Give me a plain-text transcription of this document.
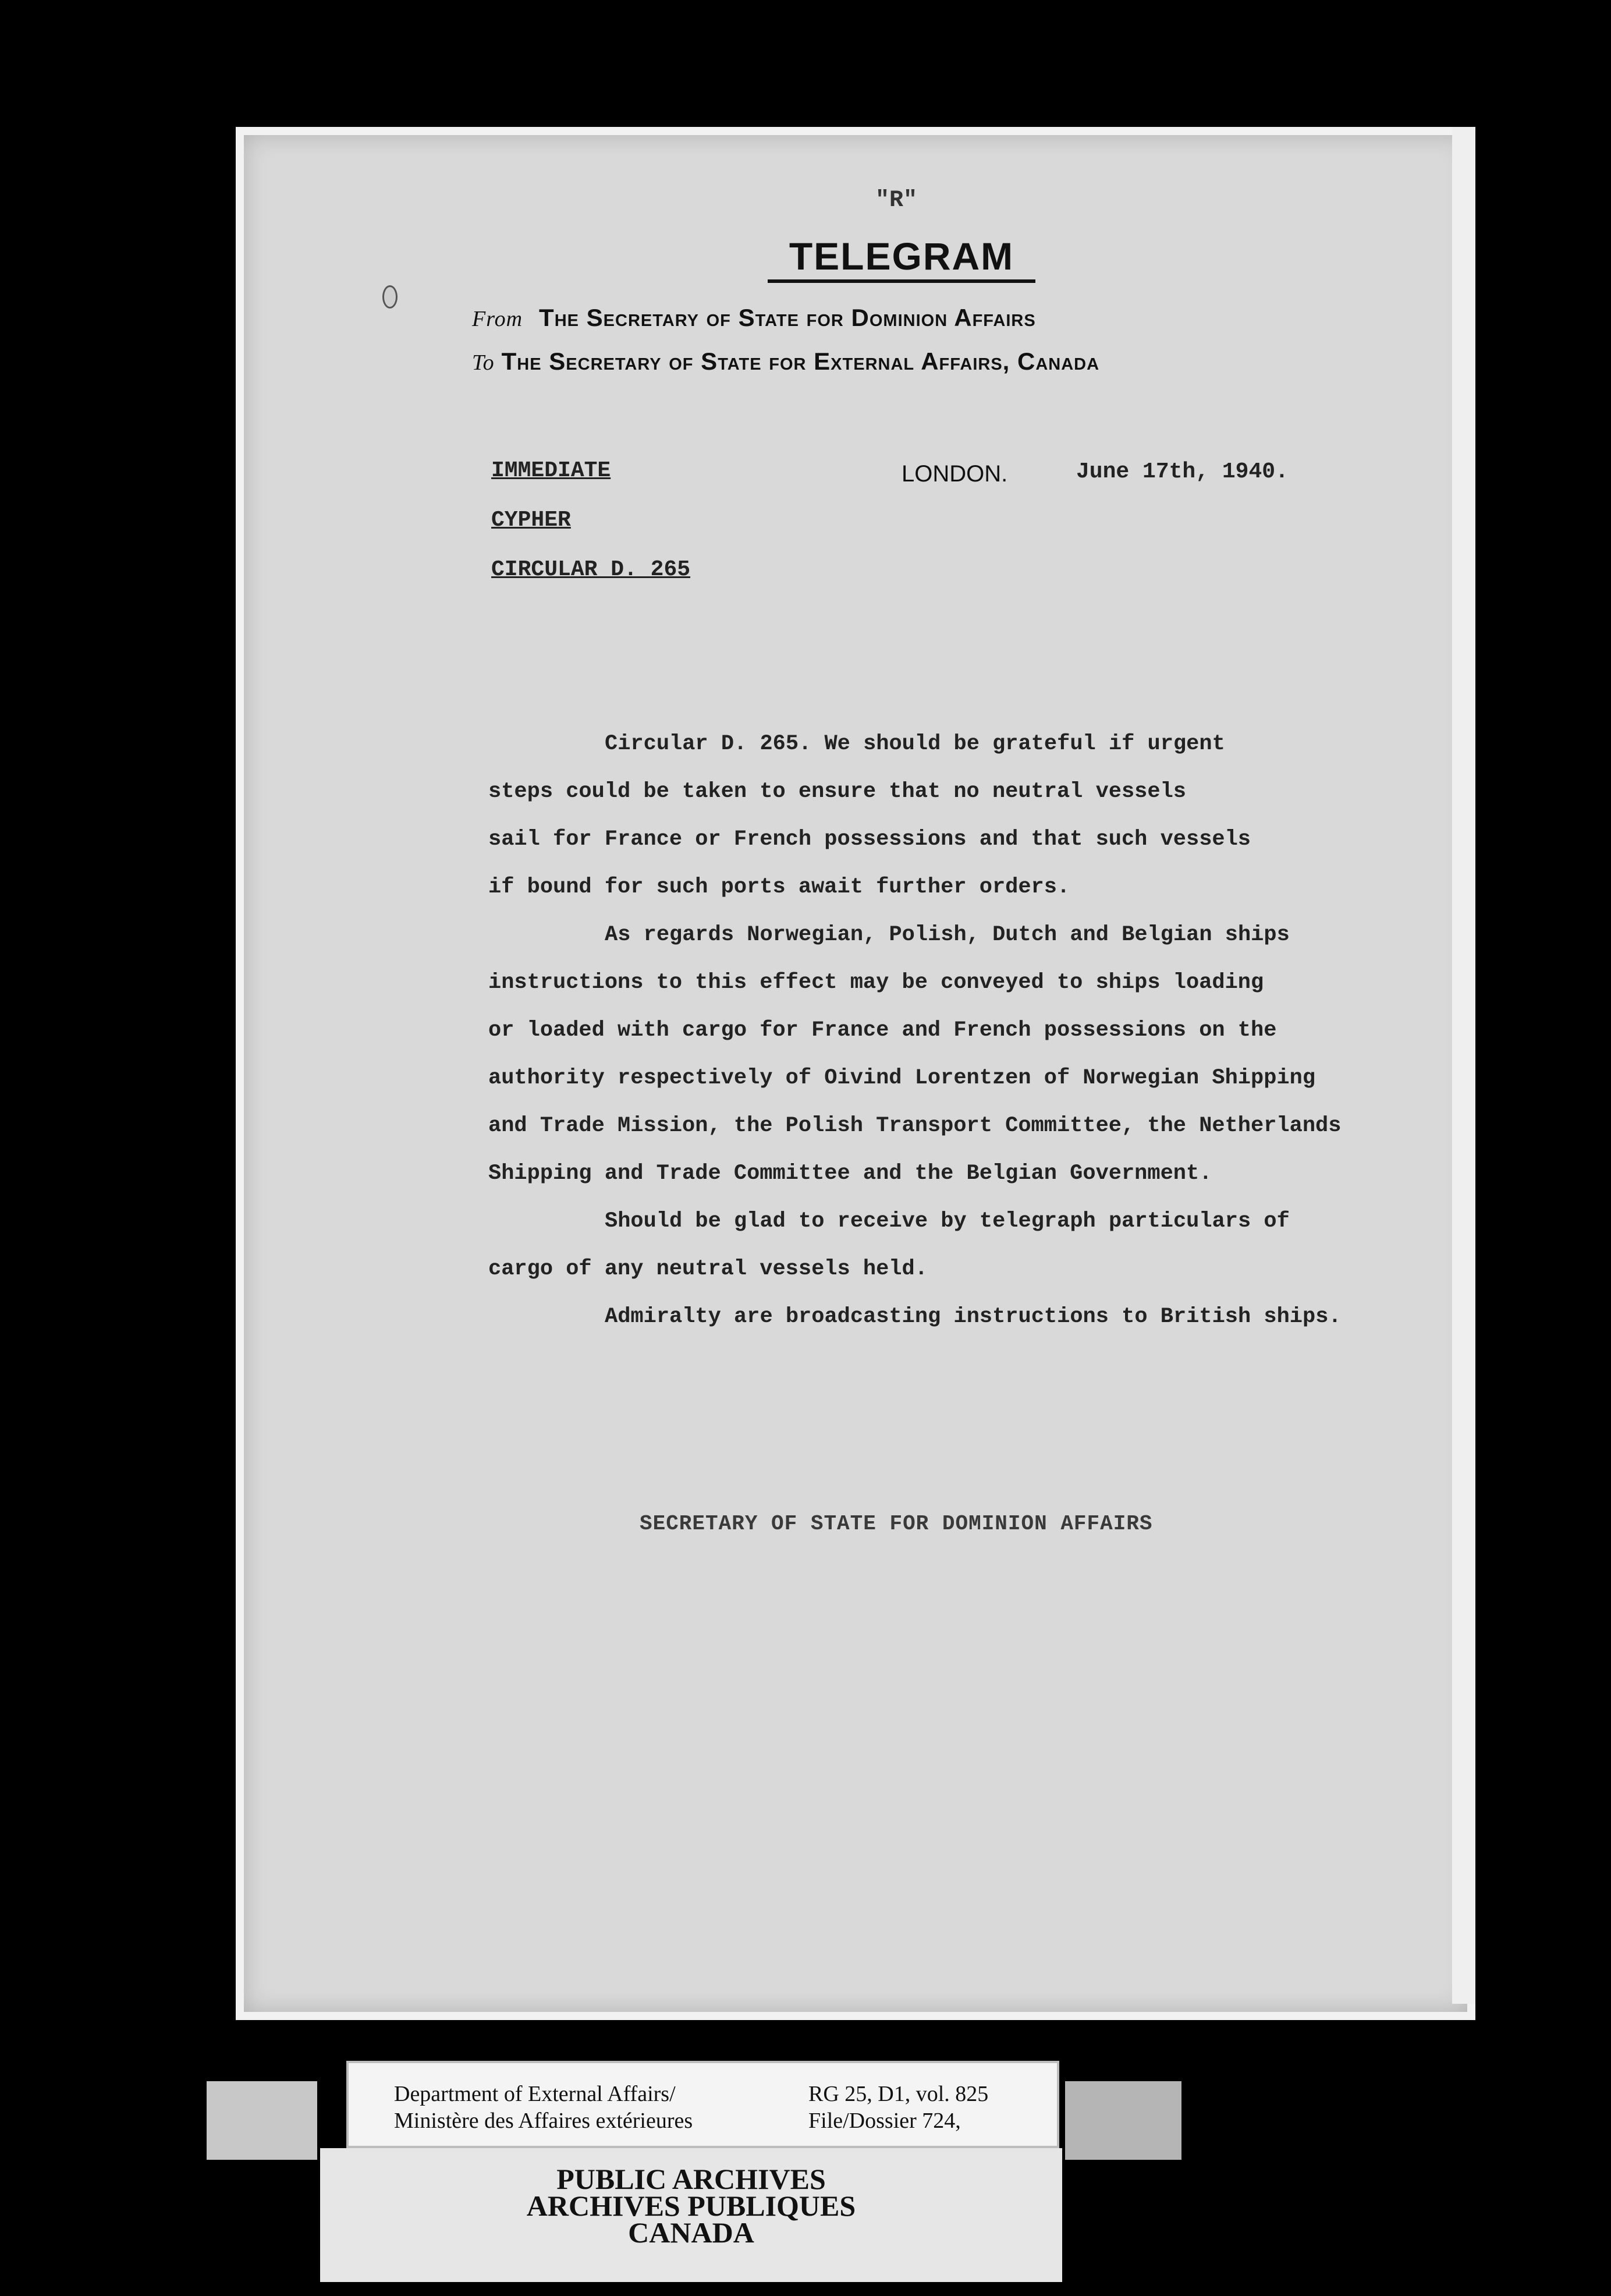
"R"
TELEGRAM
From The Secretary of State for Dominion Affairs
To The Secretary of State for External Affairs, Canada
IMMEDIATE
CYPHER
CIRCULAR D. 265
LONDON.	June 17th, 1940.

Circular D. 265. We should be grateful if urgent
steps could be taken to ensure that no neutral vessels
sail for France or French possessions and that such vessels
if bound for such ports await further orders.

As regards Norwegian, Polish, Dutch and Belgian ships
instructions to this effect may be conveyed to ships loading
or loaded with cargo for France and French possessions on the
authority respectively of Oivind Lorentzen of Norwegian Shipping
and Trade Mission, the Polish Transport Committee, the Netherlands
Shipping and Trade Committee and the Belgian Government.

Should be glad to receive by telegraph particulars of
cargo of any neutral vessels held.

Admiralty are broadcasting instructions to British ships.

SECRETARY OF STATE FOR DOMINION AFFAIRS
Department of External Affairs/
Ministère des Affaires extérieures
RG 25, D1, vol. 825
File/Dossier 724,
PUBLIC ARCHIVES
ARCHIVES PUBLIQUES
CANADA
